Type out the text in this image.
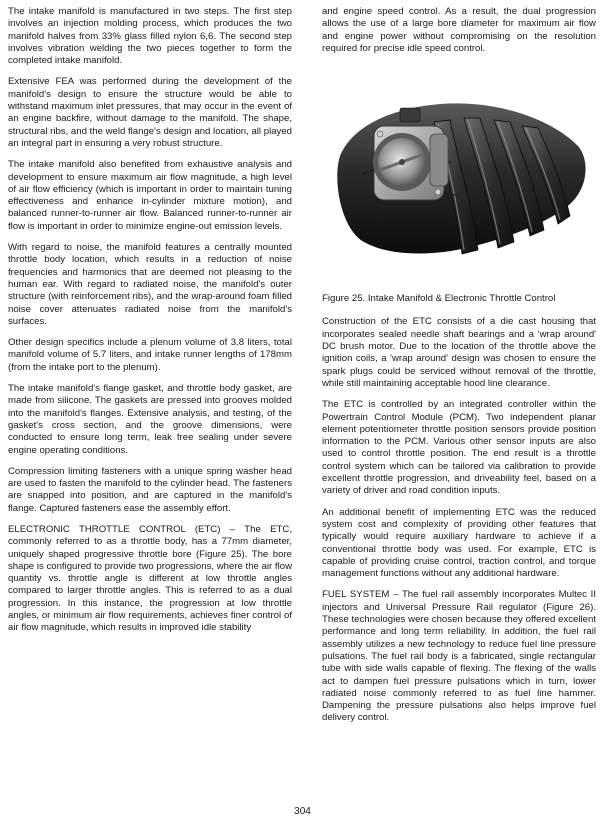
The intake manifold is manufactured in two steps. The first step involves an injection molding process, which produces the two manifold halves from 33% glass filled nylon 6,6. The second step involves vibration welding the two pieces together to form the completed intake manifold.

Extensive FEA was performed during the development of the manifold's design to ensure the structure would be able to withstand maximum inlet pressures, that may occur in the event of an engine backfire, without damage to the manifold. The shape, structural ribs, and the weld flange's design and location, all played an integral part in ensuring a very robust structure.

The intake manifold also benefited from exhaustive analysis and development to ensure maximum air flow magnitude, a high level of air flow efficiency (which is important in order to maintain tuning effectiveness and enhance in-cylinder mixture motion), and balanced runner-to-runner air flow. Balanced runner-to-runner air flow is important in order to minimize engine-out emission levels.

With regard to noise, the manifold features a centrally mounted throttle body location, which results in a reduction of noise frequencies and harmonics that are deemed not pleasing to the human ear. With regard to radiated noise, the manifold's outer structure (with reinforcement ribs), and the wrap-around foam filled noise cover attenuates radiated noise from the manifold's surfaces.

Other design specifics include a plenum volume of 3.8 liters, total manifold volume of 5.7 liters, and intake runner lengths of 178mm (from the intake port to the plenum).

The intake manifold's flange gasket, and throttle body gasket, are made from silicone. The gaskets are pressed into grooves molded into the manifold's flanges. Extensive analysis, and testing, of the gasket's cross section, and the groove dimensions, were conducted to ensure long term, leak free sealing under severe engine operating conditions.

Compression limiting fasteners with a unique spring washer head are used to fasten the manifold to the cylinder head. The fasteners are snapped into position, and are captured in the manifold's flange. Captured fasteners ease the assembly effort.

ELECTRONIC THROTTLE CONTROL (ETC) – The ETC, commonly referred to as a throttle body, has a 77mm diameter, uniquely shaped progressive throttle bore (Figure 25). The bore shape is configured to provide two progressions, where the air flow quantity vs. throttle angle is different at low throttle angles compared to larger throttle angles. This is referred to as a dual progression. In this instance, the progression at low throttle angles, or minimum air flow requirements, achieves finer control of air flow magnitude, which results in improved idle stability

and engine speed control. As a result, the dual progression allows the use of a large bore diameter for maximum air flow and engine power without compromising on the resolution required for precise idle speed control.

Figure 25. Intake Manifold & Electronic Throttle Control

Construction of the ETC consists of a die cast housing that incorporates sealed needle shaft bearings and a 'wrap around' DC brush motor. Due to the location of the throttle above the ignition coils, a 'wrap around' design was chosen to ensure the spark plugs could be serviced without removal of the throttle, while still maintaining acceptable hood line clearance.

The ETC is controlled by an integrated controller within the Powertrain Control Module (PCM). Two independent planar element potentiometer throttle position sensors provide position information to the PCM. Various other sensor inputs are also used to control throttle position. The end result is a throttle control system which can be tailored via calibration to provide excellent throttle progression, and driveability feel, based on a variety of driver and road condition inputs.

An additional benefit of implementing ETC was the reduced system cost and complexity of providing other features that typically would require auxiliary hardware to achieve if a conventional throttle body was used. For example, ETC is capable of providing cruise control, traction control, and torque management functions without any additional hardware.

FUEL SYSTEM – The fuel rail assembly incorporates Multec II injectors and Universal Pressure Rail regulator (Figure 26). These technologies were chosen because they offered excellent performance and long term reliability. In addition, the fuel rail assembly utilizes a new technology to reduce fuel line pressure pulsations. The fuel rail body is a fabricated, single rectangular tube with side walls capable of flexing. The flexing of the walls act to dampen fuel pressure pulsations which in turn, lower radiated noise commonly referred to as fuel line hammer. Dampening the pressure pulsations also helps improve fuel delivery control.

304
